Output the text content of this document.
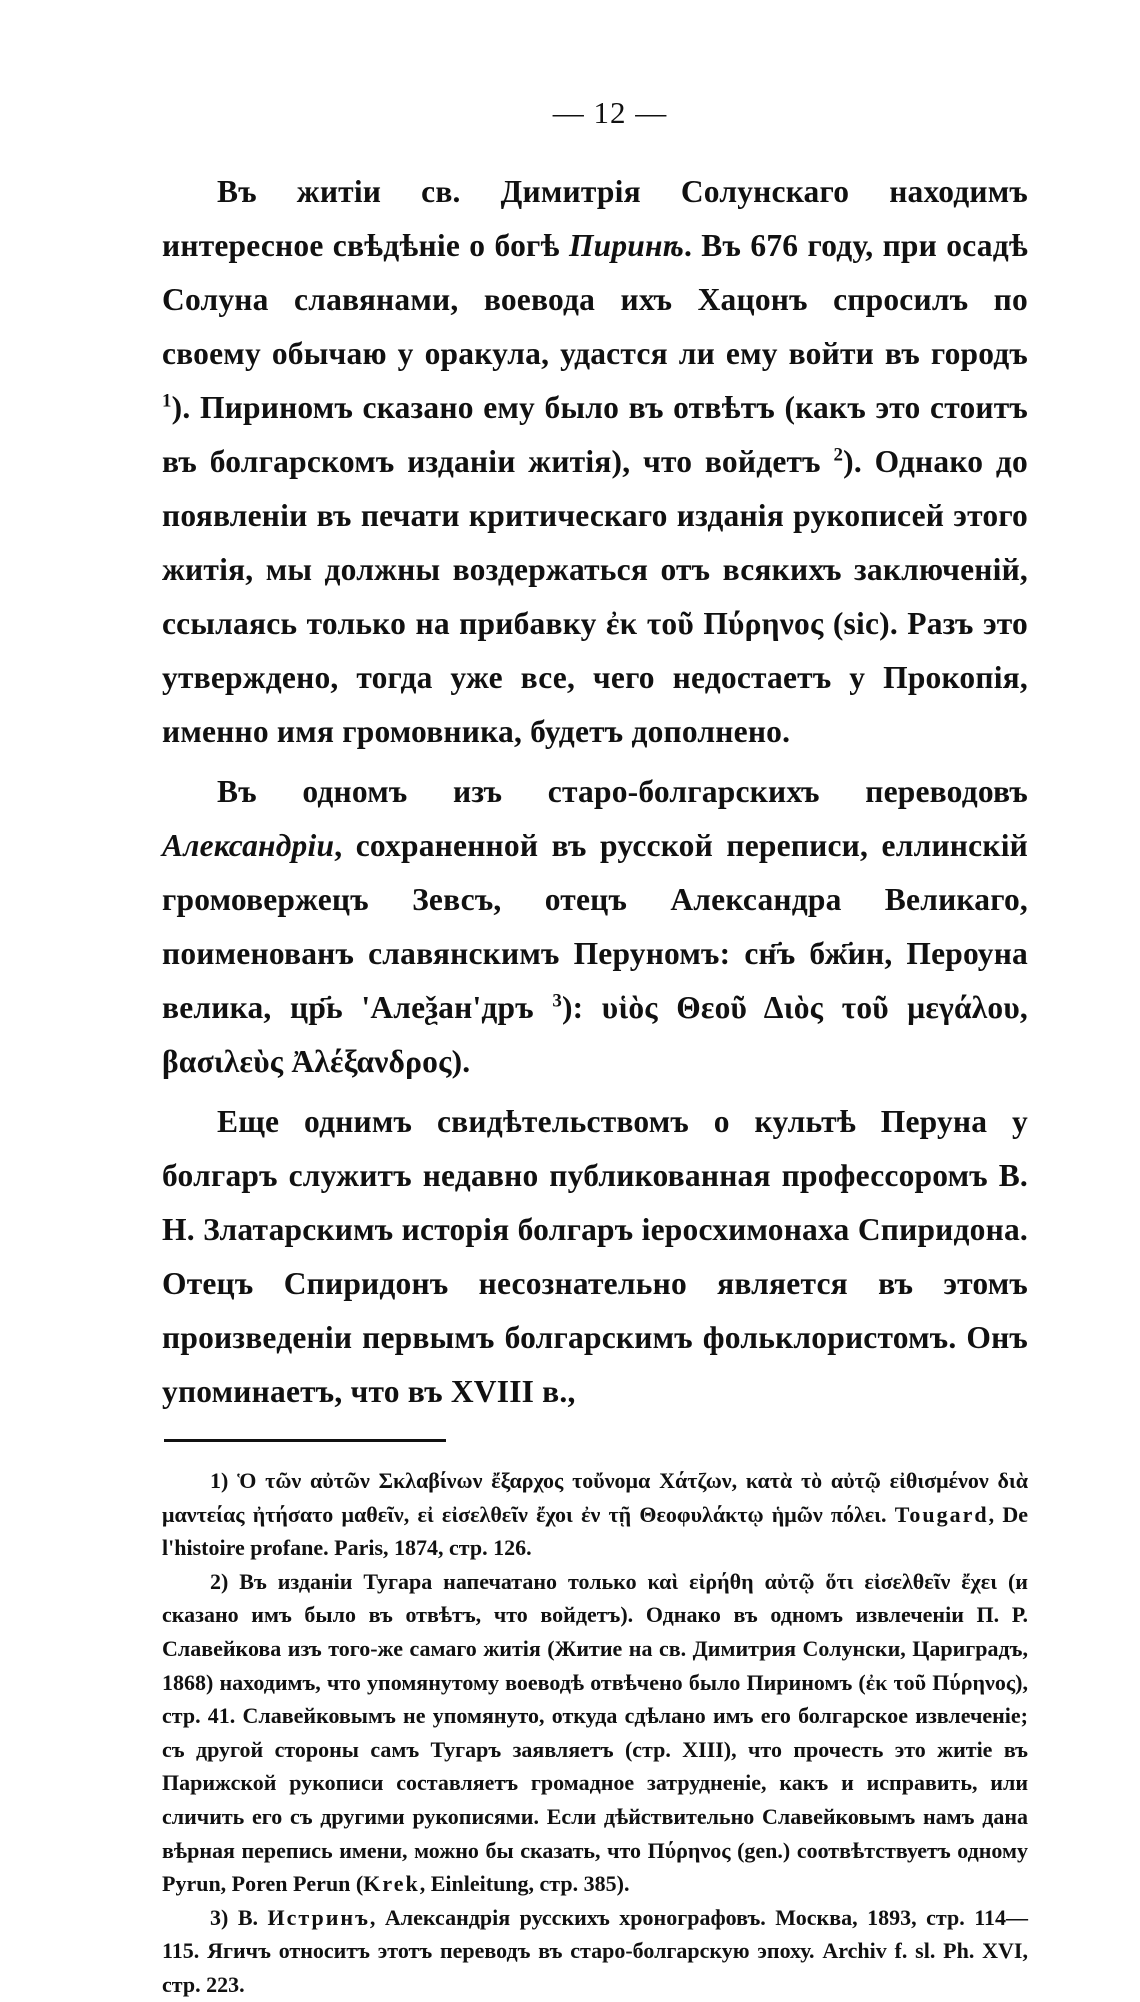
— 12 —

Въ житіи св. Димитрія Солунскаго находимъ интересное свѣдѣніе о богѣ Пиринѣ. Въ 676 году, при осадѣ Солуна славянами, воевода ихъ Хацонъ спросилъ по своему обычаю у оракула, удастся ли ему войти въ городъ $^1$). Пириномъ сказано ему было въ отвѣтъ (какъ это стоитъ въ болгарскомъ изданіи житія), что войдетъ $^2$). Однако до появленіи въ печати критическаго изданія рукописей этого житія, мы должны воздержаться отъ всякихъ заключеній, ссылаясь только на прибавку ἐκ τοῦ Πύρηνος (sic). Разъ это утверждено, тогда уже все, чего недостаетъ у Прокопія, именно имя громовника, будетъ дополнено.

Въ одномъ изъ старо-болгарскихъ переводовъ Александріи, сохраненной въ русской переписи, еллинскій громовержецъ Зевсъ, отецъ Александра Великаго, поименованъ славянскимъ Перуномъ: сн҃ъ бж҃ин, Пероуна велика, цр҃ь 'Алеѯан'дръ $^3$): υἱὸς Θεοῦ Διὸς τοῦ μεγάλου, βασιλεὺς Ἀλέξανδρος).

Еще однимъ свидѣтельствомъ о культѣ Перуна у болгаръ служитъ недавно публикованная профессоромъ В. Н. Златарскимъ исторія болгаръ іеросхимонаха Спиридона. Отецъ Спиридонъ несознательно является въ этомъ произведеніи первымъ болгарскимъ фольклористомъ. Онъ упоминаетъ, что въ XVIII в.,

1) Ὁ τῶν αὐτῶν Σκλαβίνων ἔξαρχος τοὔνομα Χάτζων, κατὰ τὸ αὐτῷ εἰθισμένον διὰ μαντείας ἠτήσατο μαθεῖν, εἰ εἰσελθεῖν ἔχοι ἐν τῇ Θεοφυλάκτῳ ἡμῶν πόλει. Tougard, De l'histoire profane. Paris, 1874, стр. 126.

2) Въ изданіи Тугара напечатано только καὶ εἰρήθη αὐτῷ ὅτι εἰσελθεῖν ἔχει (и сказано имъ было въ отвѣтъ, что войдетъ). Однако въ одномъ извлеченіи П. Р. Славейкова изъ того-же самаго житія (Житие на св. Димитрия Солунски, Цариградъ, 1868) находимъ, что упомянутому воеводѣ отвѣчено было Пириномъ (ἐκ τοῦ Πύρηνος), стр. 41. Славейковымъ не упомянуто, откуда сдѣлано имъ его болгарское извлеченіе; съ другой стороны самъ Тугаръ заявляетъ (стр. XIII), что прочесть это житіе въ Парижской рукописи составляетъ громадное затрудненіе, какъ и исправить, или сличить его съ другими рукописями. Если дѣйствительно Славейковымъ намъ дана вѣрная перепись имени, можно бы сказать, что Πύρηνος (gen.) соотвѣтствуетъ одному Pyrun, Poren Perun (Krek, Einleitung, стр. 385).

3) В. Истринъ, Александрія русскихъ хронографовъ. Москва, 1893, стр. 114—115. Ягичъ относитъ этотъ переводъ въ старо-болгарскую эпоху. Archiv f. sl. Ph. XVI, стр. 223.
